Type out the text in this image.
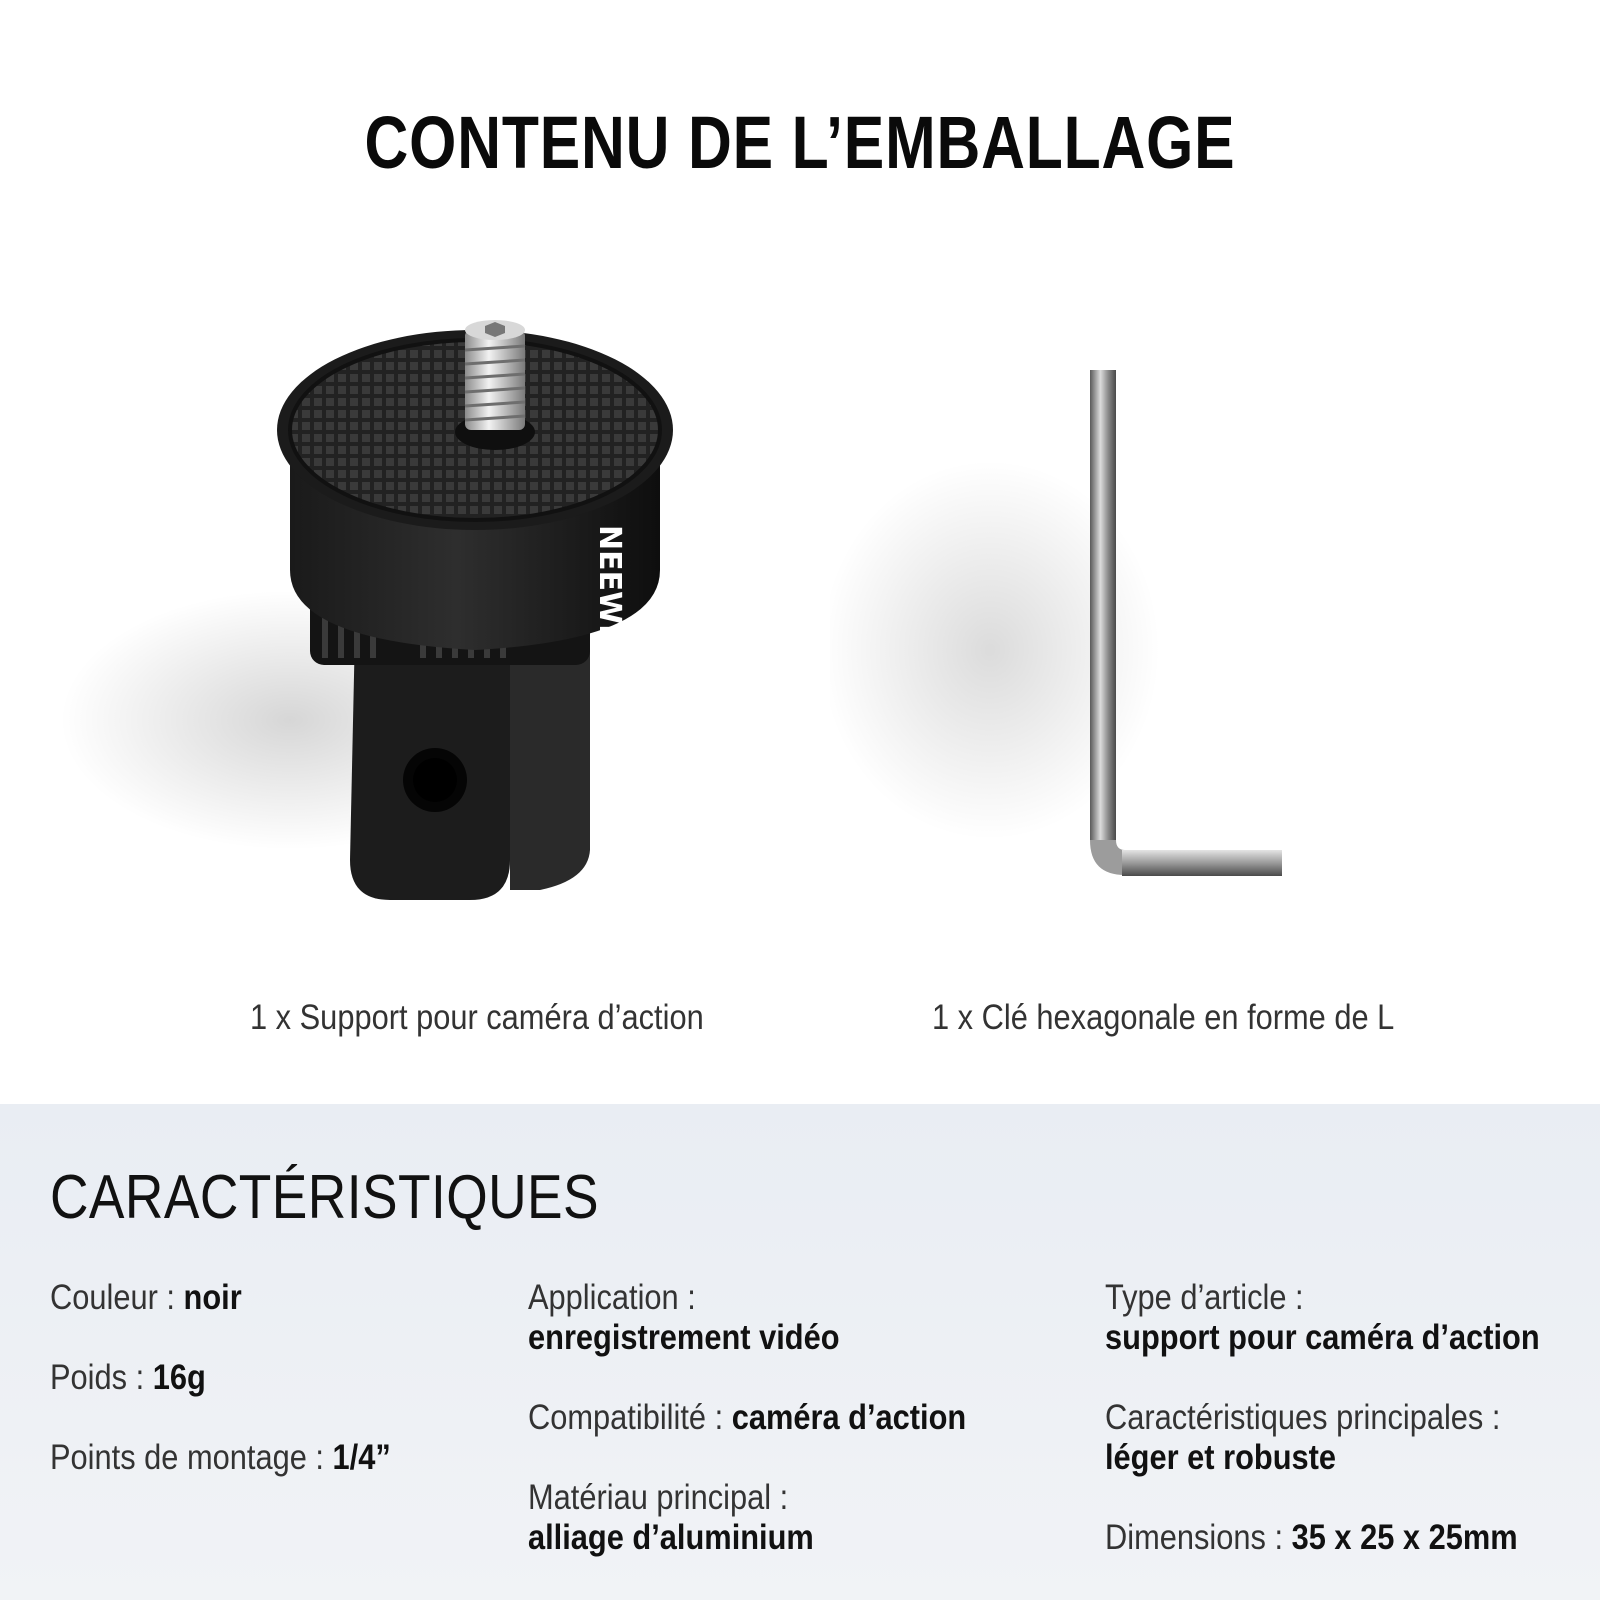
CONTENU DE L’EMBALLAGE
NEEWER
1 x Support pour caméra d’action	1 x Clé hexagonale en forme de L
CARACTÉRISTIQUES
Couleur : noir
Poids : 16g
Points de montage : 1/4”
Application :
enregistrement vidéo
Compatibilité : caméra d’action
Matériau principal :
alliage d’aluminium
Type d’article :
support pour caméra d’action
Caractéristiques principales :
léger et robuste
Dimensions : 35 x 25 x 25mm
